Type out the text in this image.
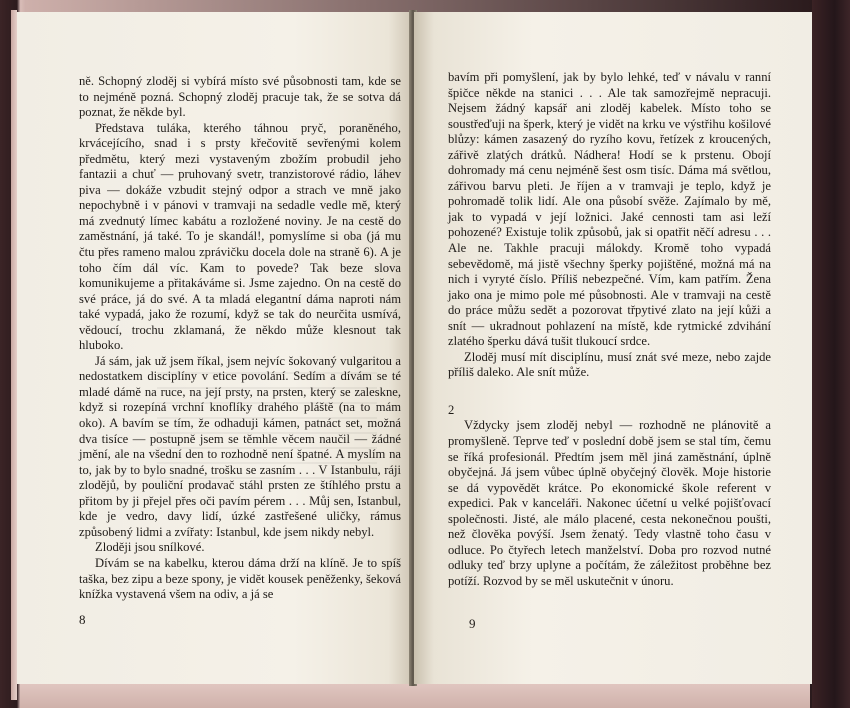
ně. Schopný zloděj si vybírá místo své působnosti tam, kde se to nejméně pozná. Schopný zloděj pracuje tak, že se sotva dá poznat, že někde byl.

Představa tuláka, kterého táhnou pryč, poraněného, krvácejícího, snad i s prsty křečovitě sevřenými kolem předmětu, který mezi vystaveným zbožím probudil jeho fantazii a chuť — pruhovaný svetr, tranzistorové rádio, láhev piva — dokáže vzbudit stejný odpor a strach ve mně jako nepochybně i v pánovi v tramvaji na sedadle vedle mě, který má zvednutý límec kabátu a rozložené noviny. Je na cestě do zaměstnání, já také. To je skandál!, pomyslíme si oba (já mu čtu přes rameno malou zprávičku docela dole na straně 6). A je toho čím dál víc. Kam to povede? Tak beze slova komunikujeme a přitakáváme si. Jsme zajedno. On na cestě do své práce, já do své. A ta mladá elegantní dáma naproti nám také vypadá, jako že rozumí, když se tak do neurčita usmívá, vědoucí, trochu zklamaná, že někdo může klesnout tak hluboko.

Já sám, jak už jsem říkal, jsem nejvíc šokovaný vulgaritou a nedostatkem disciplíny v etice povolání. Sedím a dívám se té mladé dámě na ruce, na její prsty, na prsten, který se zaleskne, když si rozepíná vrchní knoflíky drahého pláště (na to mám oko). A bavím se tím, že odhaduji kámen, patnáct set, možná dva tisíce — postupně jsem se těmhle věcem naučil — žádné jmění, ale na všední den to rozhodně není špatné. A myslím na to, jak by to bylo snadné, trošku se zasním . . . V Istanbulu, ráji zlodějů, by pouliční prodavač stáhl prsten ze štíhlého prstu a přitom by ji přejel přes oči pavím pérem . . . Můj sen, Istanbul, kde je vedro, davy lidí, úzké zastřešené uličky, rámus způsobený lidmi a zvířaty: Istanbul, kde jsem nikdy nebyl.

Zloději jsou snílkové.

Dívám se na kabelku, kterou dáma drží na klíně. Je to spíš taška, bez zipu a beze spony, je vidět kousek peněženky, šeková knížka vystavená všem na odiv, a já se

8

bavím při pomyšlení, jak by bylo lehké, teď v návalu v ranní špičce někde na stanici . . . Ale tak samozřejmě nepracuji. Nejsem žádný kapsář ani zloděj kabelek. Místo toho se soustřeďuji na šperk, který je vidět na krku ve výstřihu košilové blůzy: kámen zasazený do ryzího kovu, řetízek z kroucených, zářivě zlatých drátků. Nádhera! Hodí se k prstenu. Obojí dohromady má cenu nejméně šest osm tisíc. Dáma má světlou, zářivou barvu pleti. Je říjen a v tramvaji je teplo, když je pohromadě tolik lidí. Ale ona působí svěže. Zajímalo by mě, jak to vypadá v její ložnici. Jaké cennosti tam asi leží pohozené? Existuje tolik způsobů, jak si opatřit něčí adresu . . . Ale ne. Takhle pracuji málokdy. Kromě toho vypadá sebevědomě, má jistě všechny šperky pojištěné, možná má na nich i vyryté číslo. Příliš nebezpečné. Vím, kam patřím. Žena jako ona je mimo pole mé působnosti. Ale v tramvaji na cestě do práce můžu sedět a pozorovat třpytivé zlato na její kůži a snít — ukradnout pohlazení na místě, kde rytmické zdvihání zlatého šperku dává tušit tlukoucí srdce.

Zloděj musí mít disciplínu, musí znát své meze, nebo zajde příliš daleko. Ale snít může.

2

Vždycky jsem zloděj nebyl — rozhodně ne plánovitě a promyšleně. Teprve teď v poslední době jsem se stal tím, čemu se říká profesionál. Předtím jsem měl jiná zaměstnání, úplně obyčejná. Já jsem vůbec úplně obyčejný člověk. Moje historie se dá vypovědět krátce. Po ekonomické škole referent v expedici. Pak v kanceláři. Nakonec účetní u velké pojišťovací společnosti. Jisté, ale málo placené, cesta nekonečnou poušti, než člověka povýší. Jsem ženatý. Tedy vlastně toho času v odluce. Po čtyřech letech manželství. Doba pro rozvod nutné odluky teď brzy uplyne a počítám, že záležitost proběhne bez potíží. Rozvod by se měl uskutečnit v únoru.

9
